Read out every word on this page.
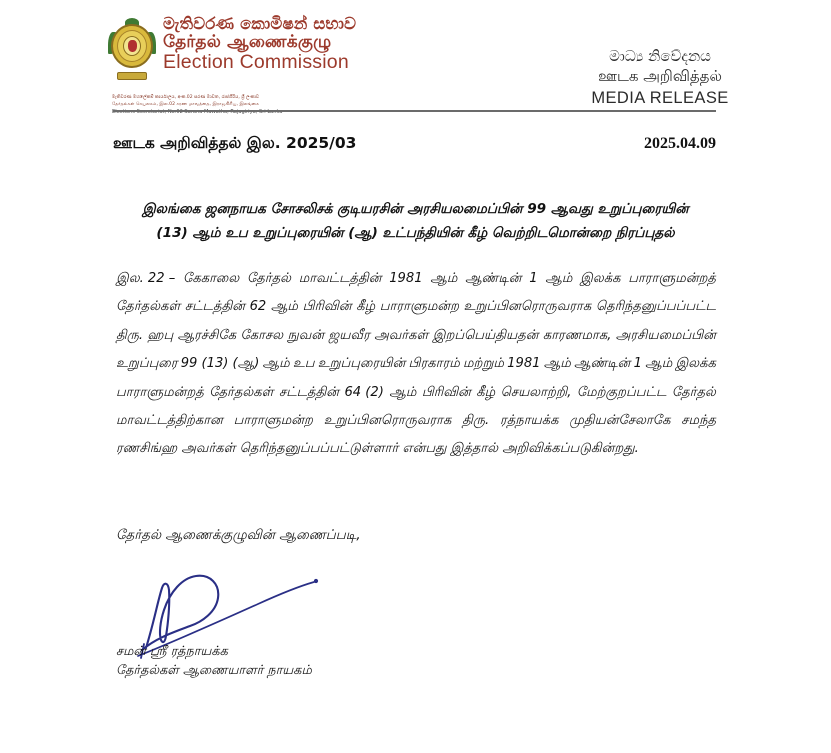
මැතිවරණ කොමිෂන් සභාව
தேர்தல் ஆணைக்குழு
Election Commission
මැතිවරණ මහලේකම් කාර්යාලය, අංක.02 සරණ මාවත, රාජගිරිය, ශ්‍රී ලංකාව
தேர்தல்கள் செயலகம், இல.02 சரண மாவத்தை, இராஜகிரிய, இலங்கை
මාධ්‍ය නිවේදනය
ஊடக அறிவித்தல்
MEDIA RELEASE
ஊடக அறிவித்தல் இல. 2025/03	2025.04.09
இலங்கை ஜனநாயக சோசலிசக் குடியரசின் அரசியலமைப்பின் 99 ஆவது உறுப்புரையின்
(13) ஆம் உப உறுப்புரையின் (ஆ) உட்பந்தியின் கீழ் வெற்றிடமொன்றை நிரப்புதல்
இல. 22 – கேகாலை தேர்தல் மாவட்டத்தின் 1981 ஆம் ஆண்டின் 1 ஆம் இலக்க பாராளுமன்றத்
தேர்தல்கள் சட்டத்தின் 62 ஆம் பிரிவின் கீழ் பாராளுமன்ற உறுப்பினரொருவராக தெரிந்தனுப்பப்பட்ட
திரு. ஹபு ஆரச்சிகே கோசல நுவன் ஜயவீர அவர்கள் இறப்பெய்தியதன் காரணமாக, அரசியமைப்பின்
உறுப்புரை 99 (13) (ஆ) ஆம் உப உறுப்புரையின் பிரகாரம் மற்றும் 1981 ஆம் ஆண்டின் 1 ஆம் இலக்க
பாராளுமன்றத் தேர்தல்கள் சட்டத்தின் 64 (2) ஆம் பிரிவின் கீழ் செயலாற்றி, மேற்குறப்பட்ட தேர்தல்
மாவட்டத்திற்கான பாராளுமன்ற உறுப்பினரொருவராக திரு. ரத்நாயக்க முதியன்சேலாகே சமந்த
ரணசிங்ஹ அவர்கள் தெரிந்தனுப்பப்பட்டுள்ளார் என்பது இத்தால் அறிவிக்கப்படுகின்றது.
தேர்தல் ஆணைக்குழுவின் ஆணைப்படி,
சமன் ஶ்ரீ ரத்நாயக்க
தேர்தல்கள் ஆணையாளர் நாயகம்
